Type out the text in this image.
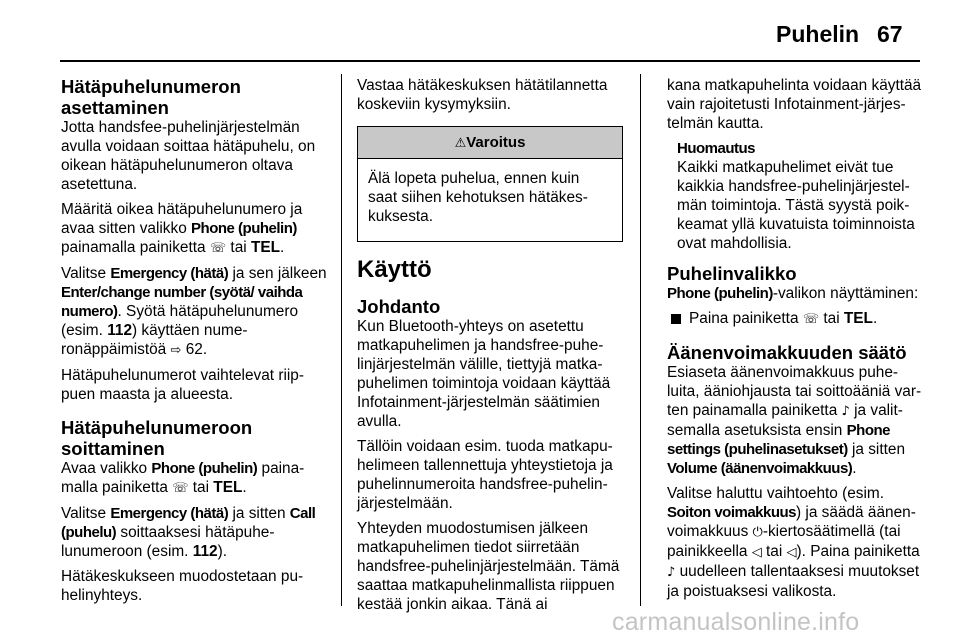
Puhelin 67
Hätäpuhelunumeron
asettaminen

Jotta handsfee-puhelinjärjestelmän avulla voidaan soittaa hätäpuhelu, on oikean hätäpuhelunumeron oltava asetettuna.

Määritä oikea hätäpuhelunumero ja avaa sitten valikko Phone (puhelin) painamalla painiketta ☏ tai TEL.

Valitse Emergency (hätä) ja sen jälkeen Enter/change number (syötä/ vaihda numero). Syötä hätäpuhelunumero (esim. 112) käyttäen numeronäppäimistöä ⇨ 62.

Hätäpuhelunumerot vaihtelevat riippuen maasta ja alueesta.

Hätäpuhelunumeroon
soittaminen

Avaa valikko Phone (puhelin) painamalla painiketta ☏ tai TEL.

Valitse Emergency (hätä) ja sitten Call (puhelu) soittaaksesi hätäpuhelunumeroon (esim. 112).

Hätäkeskukseen muodostetaan puhelinyhteys.

Vastaa hätäkeskuksen hätätilannetta koskeviin kysymyksiin.

⚠Varoitus

Älä lopeta puhelua, ennen kuin saat siihen kehotuksen hätäkeskuksesta.

Käyttö
Johdanto

Kun Bluetooth-yhteys on asetettu matkapuhelimen ja handsfree-puhelinjärjestelmän välille, tiettyjä matkapuhelimen toimintoja voidaan käyttää Infotainment-järjestelmän säätimien avulla.

Tällöin voidaan esim. tuoda matkapuhelimeen tallennettuja yhteystietoja ja puhelinnumeroita handsfree-puhelinjärjestelmään.

Yhteyden muodostumisen jälkeen matkapuhelimen tiedot siirretään handsfree-puhelinjärjestelmään. Tämä saattaa matkapuhelinmallista riippuen kestää jonkin aikaa. Tänä ai

kana matkapuhelinta voidaan käyttää vain rajoitetusti Infotainment-järjestelmän kautta.

Huomautus
Kaikki matkapuhelimet eivät tue kaikkia handsfree-puhelinjärjestelmän toimintoja. Tästä syystä poikkeamat yllä kuvatuista toiminnoista ovat mahdollisia.
Puhelinvalikko

Phone (puhelin)-valikon näyttäminen:

Paina painiketta ☏ tai TEL.
Äänenvoimakkuuden säätö

Esiaseta äänenvoimakkuus puheluita, ääniohjausta tai soittoääniä varten painamalla painiketta ♪ ja valitsemalla asetuksista ensin Phone settings (puhelinasetukset) ja sitten Volume (äänenvoimakkuus).

Valitse haluttu vaihtoehto (esim. Soiton voimakkuus) ja säädä äänenvoimakkuus ⏻-kiertosäätimellä (tai painikkeella ◁ tai ◁). Paina painiketta ♪ uudelleen tallentaaksesi muutokset ja poistuaksesi valikosta.

carmanualsonline.info
